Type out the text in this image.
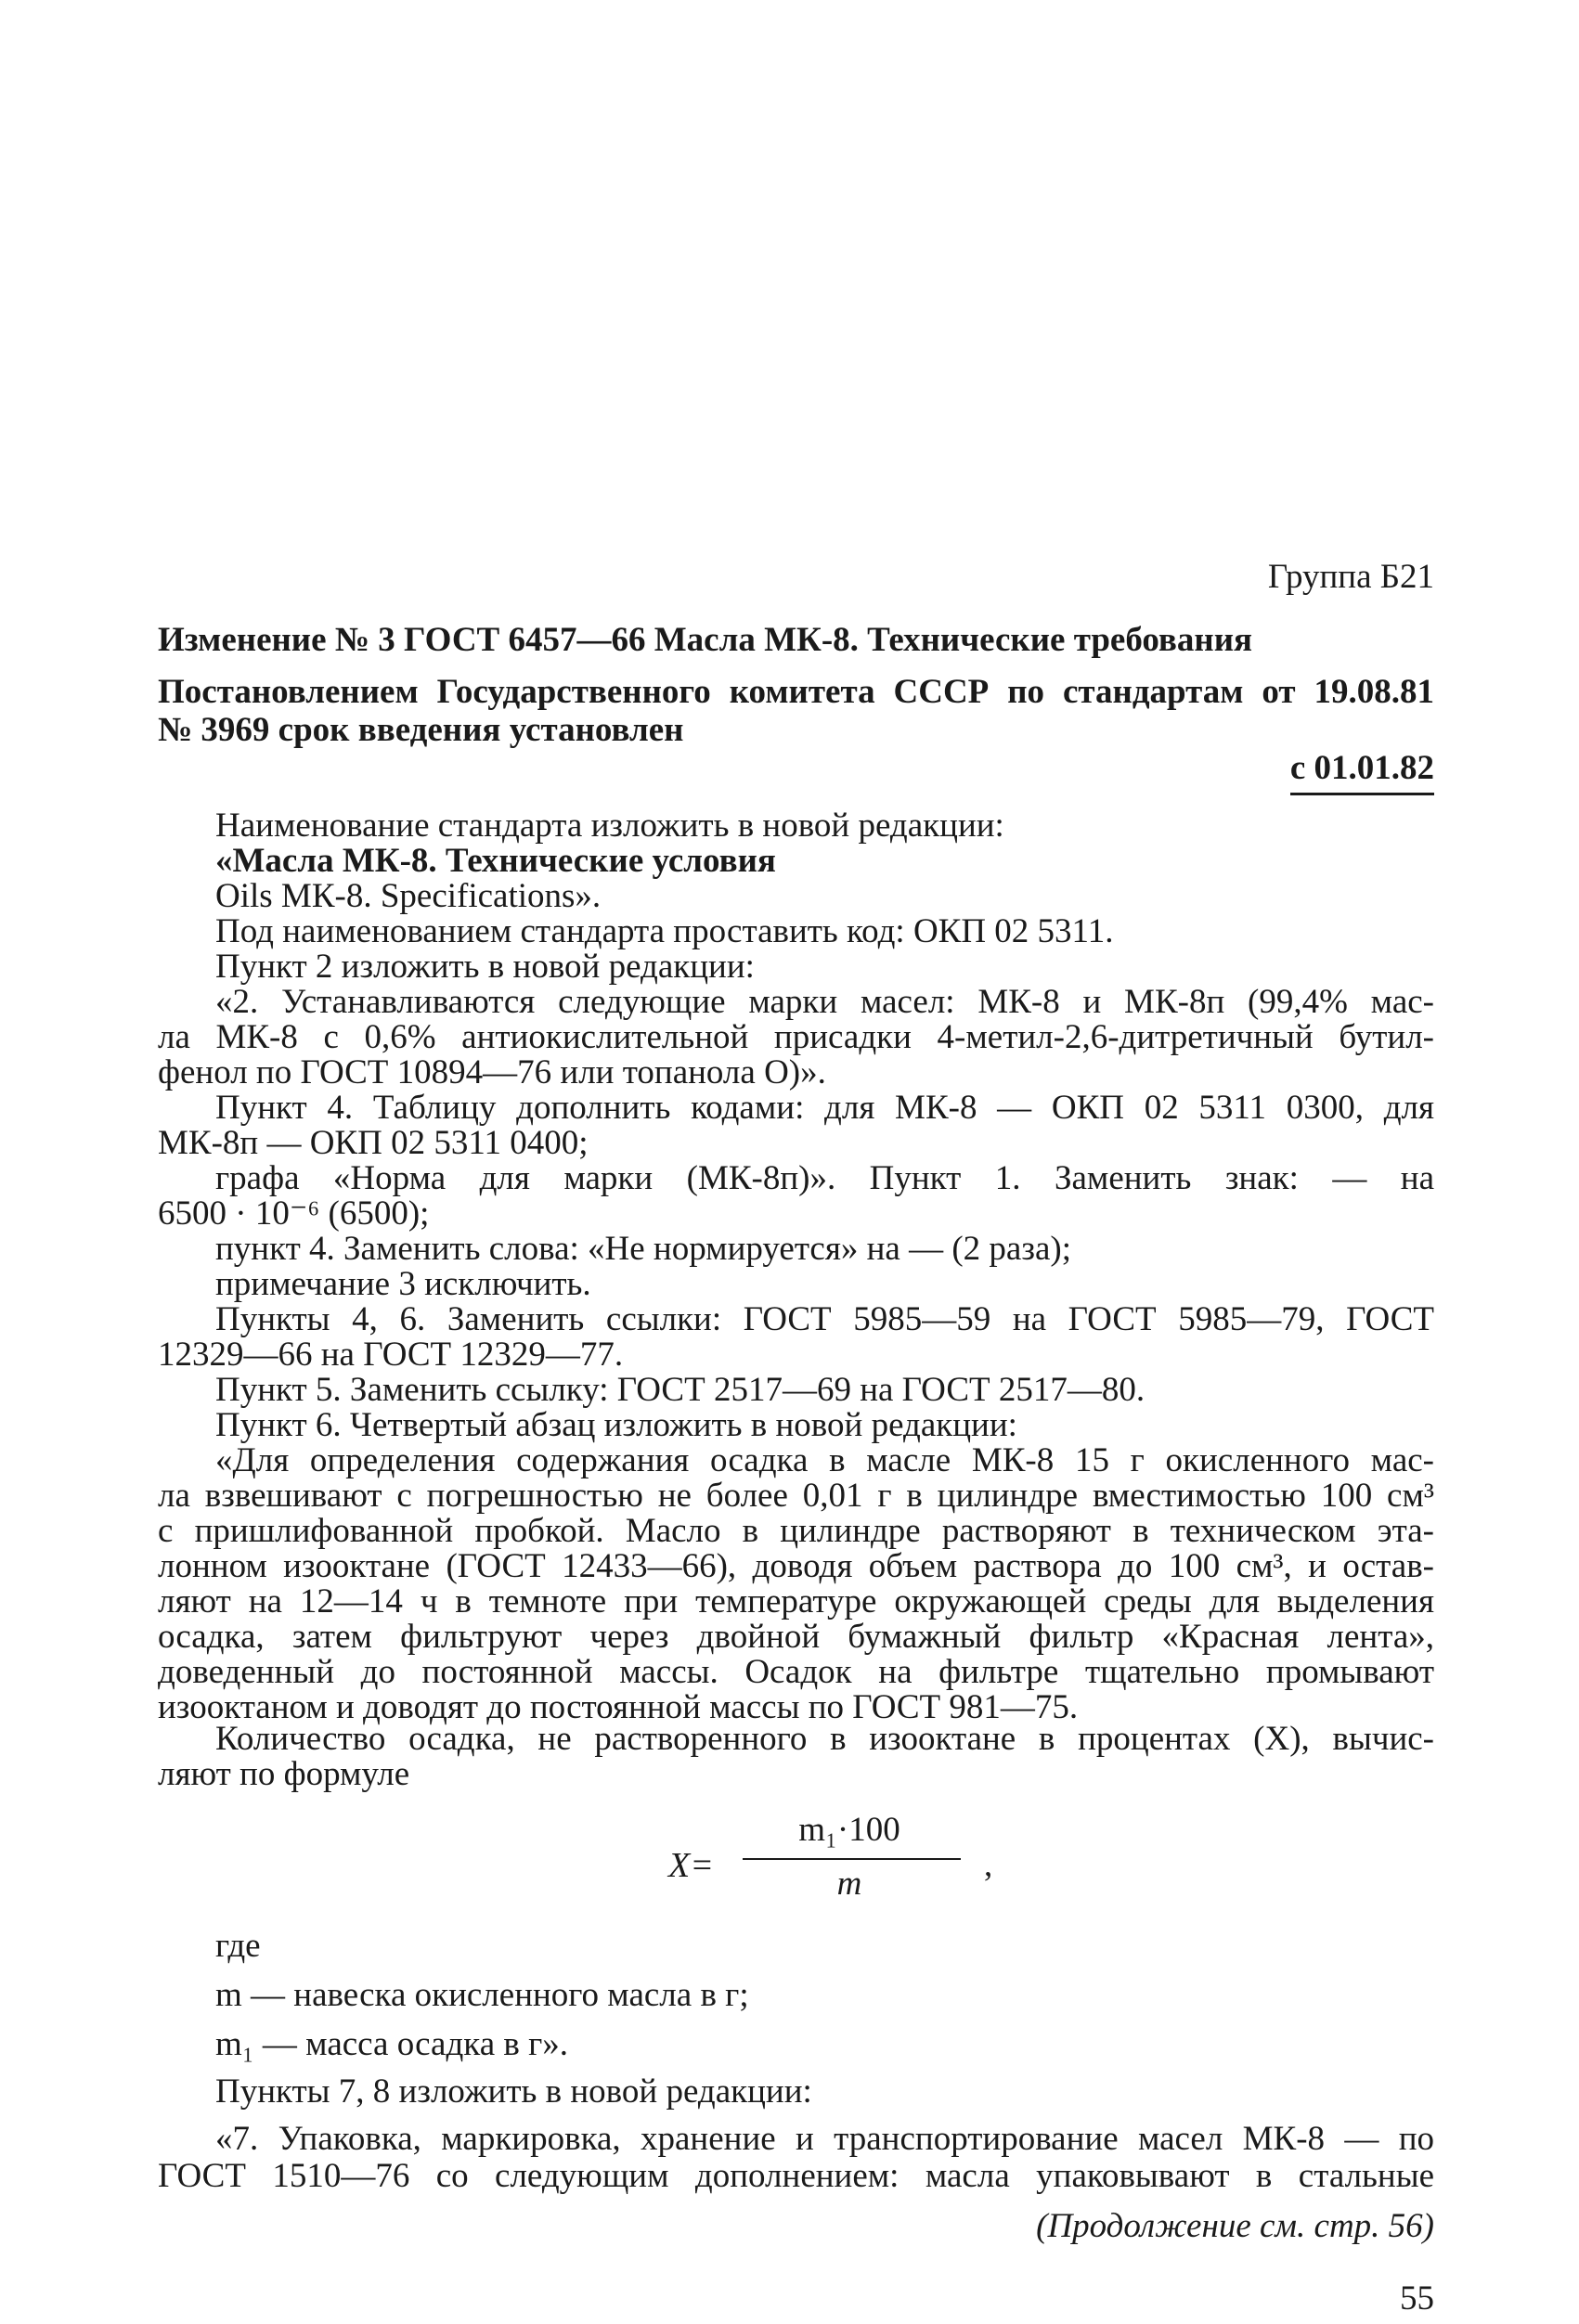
Группа Б21
Изменение № 3 ГОСТ 6457—66 Масла МК-8. Технические требования
Постановлением Государственного комитета СССР по стандартам от 19.08.81
№ 3969 срок введения установлен
с 01.01.82
Наименование стандарта изложить в новой редакции:
«Масла МК-8. Технические условия
Oils МК-8. Specifications».
Под наименованием стандарта проставить код: ОКП 02 5311.
Пункт 2 изложить в новой редакции:
«2. Устанавливаются следующие марки масел: МК-8 и МК-8п (99,4% мас-
ла МК-8 с 0,6% антиокислительной присадки 4-метил-2,6-дитретичный бутил-
фенол по ГОСТ 10894—76 или топанола О)».
Пункт 4. Таблицу дополнить кодами: для МК-8 — ОКП 02 5311 0300, для
МК-8п — ОКП 02 5311 0400;
графа «Норма для марки (МК-8п)». Пункт 1. Заменить знак: — на
6500 · 10⁻⁶ (6500);
пункт 4. Заменить слова: «Не нормируется» на — (2 раза);
примечание 3 исключить.
Пункты 4, 6. Заменить ссылки: ГОСТ 5985—59 на ГОСТ 5985—79, ГОСТ
12329—66 на ГОСТ 12329—77.
Пункт 5. Заменить ссылку: ГОСТ 2517—69 на ГОСТ 2517—80.
Пункт 6. Четвертый абзац изложить в новой редакции:
«Для определения содержания осадка в масле МК-8 15 г окисленного мас-
ла взвешивают с погрешностью не более 0,01 г в цилиндре вместимостью 100 см³
с пришлифованной пробкой. Масло в цилиндре растворяют в техническом эта-
лонном изооктане (ГОСТ 12433—66), доводя объем раствора до 100 см³, и остав-
ляют на 12—14 ч в темноте при температуре окружающей среды для выделения
осадка, затем фильтруют через двойной бумажный фильтр «Красная лента»,
доведенный до постоянной массы. Осадок на фильтре тщательно промывают
изооктаном и доводят до постоянной массы по ГОСТ 981—75.
Количество осадка, не растворенного в изооктане в процентах (X), вычис-
ляют по формуле
X=
m₁·100
m	,
где
m — навеска окисленного масла в г;
m₁ — масса осадка в г».
Пункты 7, 8 изложить в новой редакции:
«7. Упаковка, маркировка, хранение и транспортирование масел МК-8 — по
ГОСТ 1510—76 со следующим дополнением: масла упаковывают в стальные
(Продолжение см. стр. 56)
55
